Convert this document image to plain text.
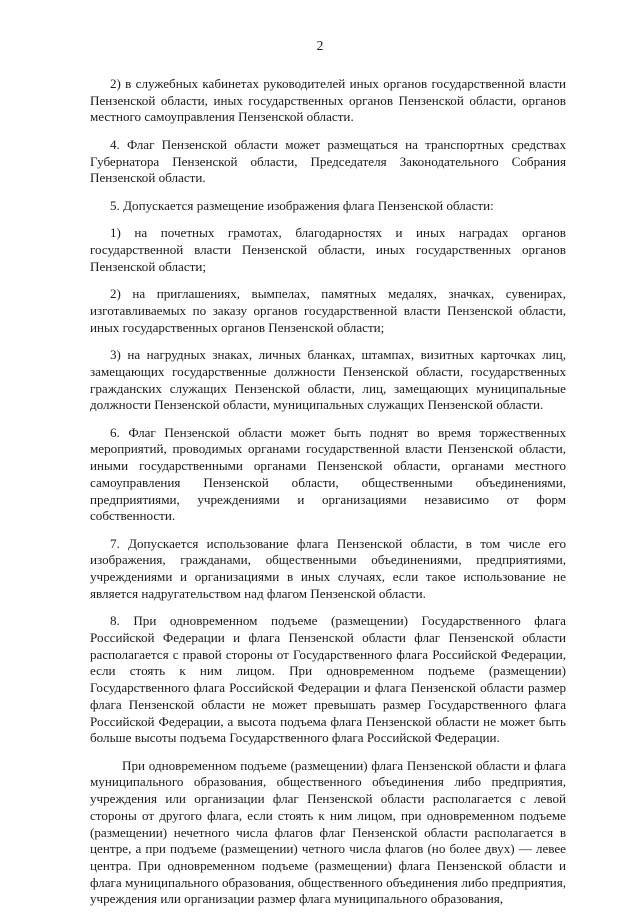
2

2) в служебных кабинетах руководителей иных органов государственной власти Пензенской области, иных государственных органов Пензенской области, органов местного самоуправления Пензенской области.

4. Флаг Пензенской области может размещаться на транспортных средствах Губернатора Пензенской области, Председателя Законодательного Собрания Пензенской области.

5. Допускается размещение изображения флага Пензенской области:

1) на почетных грамотах, благодарностях и иных наградах органов государственной власти Пензенской области, иных государственных органов Пензенской области;

2) на приглашениях, вымпелах, памятных медалях, значках, сувенирах, изготавливаемых по заказу органов государственной власти Пензенской области, иных государственных органов Пензенской области;

3) на нагрудных знаках, личных бланках, штампах, визитных карточках лиц, замещающих государственные должности Пензенской области, государственных гражданских служащих Пензенской области, лиц, замещающих муниципальные должности Пензенской области, муниципальных служащих Пензенской области.

6. Флаг Пензенской области может быть поднят во время торжественных мероприятий, проводимых органами государственной власти Пензенской области, иными государственными органами Пензенской области, органами местного самоуправления Пензенской области, общественными объединениями, предприятиями, учреждениями и организациями независимо от форм собственности.

7. Допускается использование флага Пензенской области, в том числе его изображения, гражданами, общественными объединениями, предприятиями, учреждениями и организациями в иных случаях, если такое использование не является надругательством над флагом Пензенской области.

8. При одновременном подъеме (размещении) Государственного флага Российской Федерации и флага Пензенской области флаг Пензенской области располагается с правой стороны от Государственного флага Российской Федерации, если стоять к ним лицом. При одновременном подъеме (размещении) Государственного флага Российской Федерации и флага Пензенской области размер флага Пензенской области не может превышать размер Государственного флага Российской Федерации, а высота подъема флага Пензенской области не может быть больше высоты подъема Государственного флага Российской Федерации.

При одновременном подъеме (размещении) флага Пензенской области и флага муниципального образования, общественного объединения либо предприятия, учреждения или организации флаг Пензенской области располагается с левой стороны от другого флага, если стоять к ним лицом, при одновременном подъеме (размещении) нечетного числа флагов флаг Пензенской области располагается в центре, а при подъеме (размещении) четного числа флагов (но более двух) — левее центра. При одновременном подъеме (размещении) флага Пензенской области и флага муниципального образования, общественного объединения либо предприятия, учреждения или организации размер флага муниципального образования,
